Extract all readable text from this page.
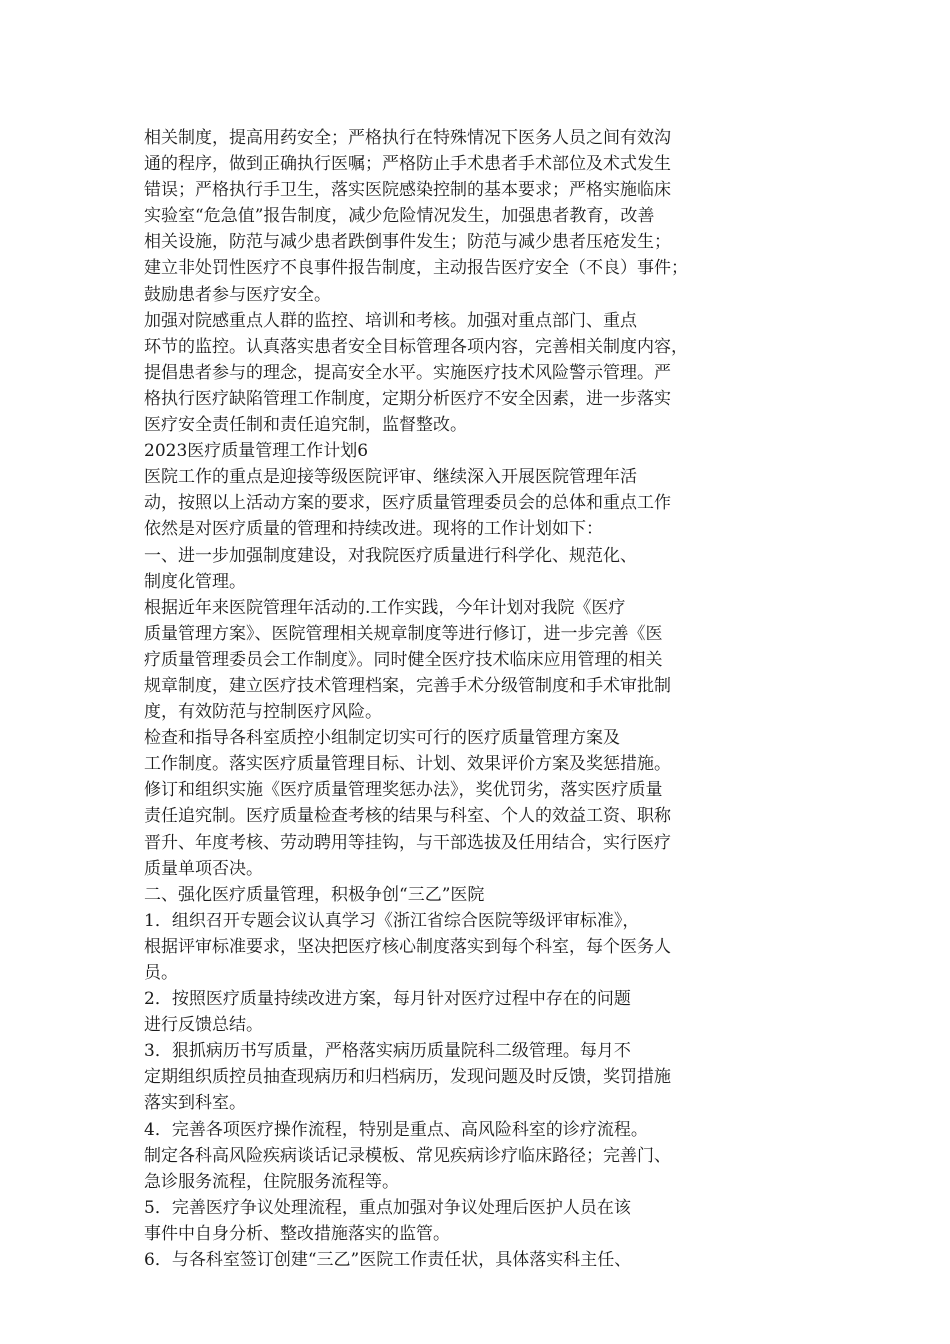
相关制度，提高用药安全；严格执行在特殊情况下医务人员之间有效沟
通的程序，做到正确执行医嘱；严格防止手术患者手术部位及术式发生
错误；严格执行手卫生，落实医院感染控制的基本要求；严格实施临床
实验室“危急值”报告制度，减少危险情况发生，加强患者教育，改善
相关设施，防范与减少患者跌倒事件发生；防范与减少患者压疮发生；
建立非处罚性医疗不良事件报告制度，主动报告医疗安全（不良）事件；
鼓励患者参与医疗安全。
加强对院感重点人群的监控、培训和考核。加强对重点部门、重点
环节的监控。认真落实患者安全目标管理各项内容，完善相关制度内容，
提倡患者参与的理念，提高安全水平。实施医疗技术风险警示管理。严
格执行医疗缺陷管理工作制度，定期分析医疗不安全因素，进一步落实
医疗安全责任制和责任追究制，监督整改。
2023医疗质量管理工作计划6
医院工作的重点是迎接等级医院评审、继续深入开展医院管理年活
动，按照以上活动方案的要求，医疗质量管理委员会的总体和重点工作
依然是对医疗质量的管理和持续改进。现将的工作计划如下：
一、进一步加强制度建设，对我院医疗质量进行科学化、规范化、
制度化管理。
根据近年来医院管理年活动的.工作实践，今年计划对我院《医疗
质量管理方案》、医院管理相关规章制度等进行修订，进一步完善《医
疗质量管理委员会工作制度》。同时健全医疗技术临床应用管理的相关
规章制度，建立医疗技术管理档案，完善手术分级管制度和手术审批制
度，有效防范与控制医疗风险。
检查和指导各科室质控小组制定切实可行的医疗质量管理方案及
工作制度。落实医疗质量管理目标、计划、效果评价方案及奖惩措施。
修订和组织实施《医疗质量管理奖惩办法》，奖优罚劣，落实医疗质量
责任追究制。医疗质量检查考核的结果与科室、个人的效益工资、职称
晋升、年度考核、劳动聘用等挂钩，与干部选拔及任用结合，实行医疗
质量单项否决。
二、强化医疗质量管理，积极争创“三乙”医院
1．组织召开专题会议认真学习《浙江省综合医院等级评审标准》，
根据评审标准要求，坚决把医疗核心制度落实到每个科室，每个医务人
员。
2．按照医疗质量持续改进方案，每月针对医疗过程中存在的问题
进行反馈总结。
3．狠抓病历书写质量，严格落实病历质量院科二级管理。每月不
定期组织质控员抽查现病历和归档病历，发现问题及时反馈，奖罚措施
落实到科室。
4．完善各项医疗操作流程，特别是重点、高风险科室的诊疗流程。
制定各科高风险疾病谈话记录模板、常见疾病诊疗临床路径；完善门、
急诊服务流程，住院服务流程等。
5．完善医疗争议处理流程，重点加强对争议处理后医护人员在该
事件中自身分析、整改措施落实的监管。
6．与各科室签订创建“三乙”医院工作责任状，具体落实科主任、
